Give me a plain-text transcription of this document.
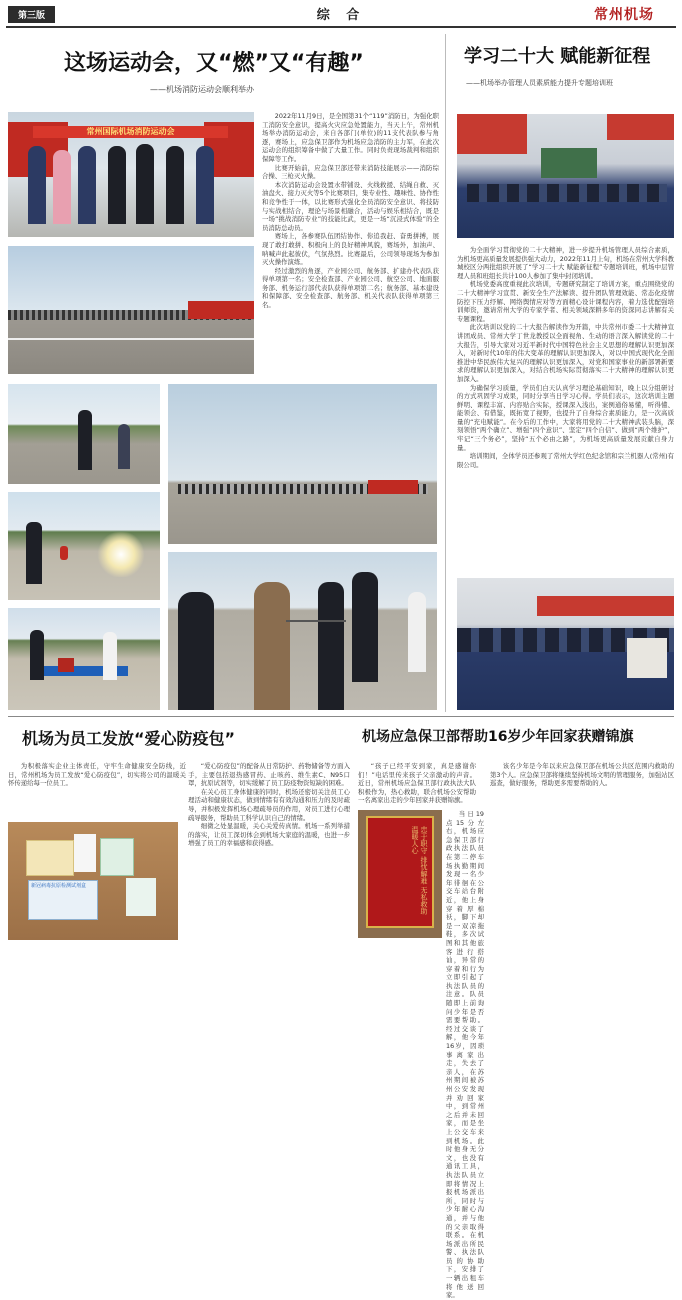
第三版	综 合	常州机场
这场运动会，又“燃”又“有趣”
——机场消防运动会顺利举办
常州国际机场消防运动会

2022年11月9日，是全国第31个“119”消防日，为强化职工消防安全意识，提高火灾应急处置能力，当天上午，常州机场举办消防运动会，来自各部门(单位)的11支代表队参与角逐，赛场上，应急保卫部作为机场应急消防的主力军，在此次运动会的组织筹备中做了大量工作。同时负责现场裁判和组织保障等工作。

比赛开始前，应急保卫部还带来消防技能展示——消防综合操、三枪灭火操。

本次消防运动会设置水带铺设、火线救援、结绳自救、灭油盘火、接力灭火等5个比赛项目，集专业性、趣味性、协作性和竞争性于一体，以比赛形式强化全员消防安全意识、将技防与实战相结合，理论与场景相融合，活动与娱乐相结合，既是一场“挑战消防专业”的技能比武，更是一场“沉浸式体验”的全员消防总动员。

赛场上，各参赛队伍团结协作、你追我赶、奋勇拼搏，展现了敢打敢拼、积极向上的良好精神风貌，赛场外，加油声、呐喊声此起彼伏，气氛热烈。比赛最后，公司领导现场为参加灭火操作演练。

经过激烈的角逐，产业园公司、航务部、扩建办代表队获得单项第一名；安全检查部、产业园公司、航空公司、地面服务部、机务运行部代表队获得单项第二名；航务部、基本建设和保障部、安全检查部、航务部、机关代表队获得单项第三名。

学习二十大 赋能新征程
——机场举办管理人员素质能力提升专题培训班

为全面学习贯彻党的二十大精神，进一步提升机场管理人员综合素质，为机场更高质量发展提供强大动力，2022年11月上旬，机场在常州大学科教城校区分两批组织开展了“学习二十大 赋能新征程”专题培训班，机场中层管理人员和班组长共计100人参加了集中封闭培训。

机场党委高度重视此次培训，专题研究制定了培训方案，重点围绕党的二十大精神学习宣贯、新安全生产法解读、提升团队管理效能、常态化疫情防控下压力纾解、网络舆情应对等方面精心设计课程内容，着力选优配强培训师资，邀请常州大学的专家学者、相关领域深耕多年的资深同志讲解有关专题课程。

此次培训以党的二十大报告解读作为开篇，中共常州市委二十大精神宣讲团成员、常州大学丁世龙教授以全面视角、生动的语言深入解读党的二十大报告，引导大家对习近平新时代中国特色社会主义思想的理解认识更加深入，对新时代10年的伟大变革的理解认识更加深入，对以中国式现代化全面推进中华民族伟大复兴的理解认识更加深入，对党和国家事业的新部署新要求的理解认识更加深入，对结合机场实际贯彻落实二十大精神的理解认识更加深入。

为确保学习质量，学员们白天认真学习理论基础知识，晚上以分组研讨的方式巩固学习成果，同时分享当日学习心得。学员们表示，这次培训主题鲜明、课程丰富、内容贴合实际，授课深入浅出，案例通俗易懂，听得懂、能领会、有借鉴，既拓宽了视野，也提升了自身综合素质能力，是一次高质量的“充电赋能”。在今后的工作中，大家将用党的二十大精神武装头脑，深刻领悟“两个确立”、增强“四个意识”、坚定“四个自信”、做到“两个维护”，牢记“三个务必”，坚持“五个必由之路”，为机场更高质量发展贡献自身力量。

培训期间，全体学员还参观了常州大学红色纪念馆和宗兰机器人(常州)有限公司。

机场为员工发放“爱心防疫包”

为积极落实企业主体责任，守牢生命健康安全防线，近日，常州机场为员工发放“爱心防疫包”，切实将公司的温暖关怀传递给每一位员工。

新冠病毒抗原检测试剂盒

“爱心防疫包”的配备从日常防护、药物储备等方面入手，主要包括退热感冒药、止咳药、维生素C、N95口罩，抗原试剂等，切实缓解了员工防疫物资短缺的困难。

在关心员工身体健康的同时，机场还密切关注员工心理活动和健康状态，做到情绪有有效沟通和压力的及时疏导，并积极发挥机场心理疏导员的作用，对员工进行心理疏导服务，帮助员工科学认识自己的情绪。

细微之处显温暖，关心关爱传真情。机场一系列举措的落实，让员工深切体会到机场大家庭的温暖，也进一步增强了员工的幸福感和获得感。

机场应急保卫部帮助16岁少年回家获赠锦旗

“孩子已经平安到家，真是感谢你们！”电话里传来孩子父亲激动的声音。近日，常州机场应急保卫部行政执法大队积极作为，热心救助，联合机场公安帮助一名离家出走的少年回家并获赠锦旗。

忠于职守 排忧解难 无私救助 温暖人心

当日19点15分左右，机场应急保卫部行政执法队员在第二停车场执勤期间发现一名少年徘徊在公交车站台附近，他上身穿着厚棉袄，脚下却是一双凉拖鞋，多次试图和其他旅客进行搭讪，异常的穿着和行为立即引起了执法队员的注意。队员随即上前询问少年是否需要帮助。经过交谈了解，他今年16岁，因琐事离家出走，失去了亲人，在苏州期间被苏州公安发现并劝回家中，到常州之后并未回家，而是坐上公交车来到机场。此时他身无分文，也没有通讯工具，执法队员立即将情况上报机场派出所，同时与少年耐心沟通，并与他的父亲取得联系。在机场派出所民警、执法队员的协助下，安排了一辆出租车将他送回家。

该名少年是今年以来应急保卫部在机场公共区范围内救助的第3个人。应急保卫部将继续坚持机场文明的管理服务，加强站区巡查，做好服务，帮助更多需要帮助的人。
